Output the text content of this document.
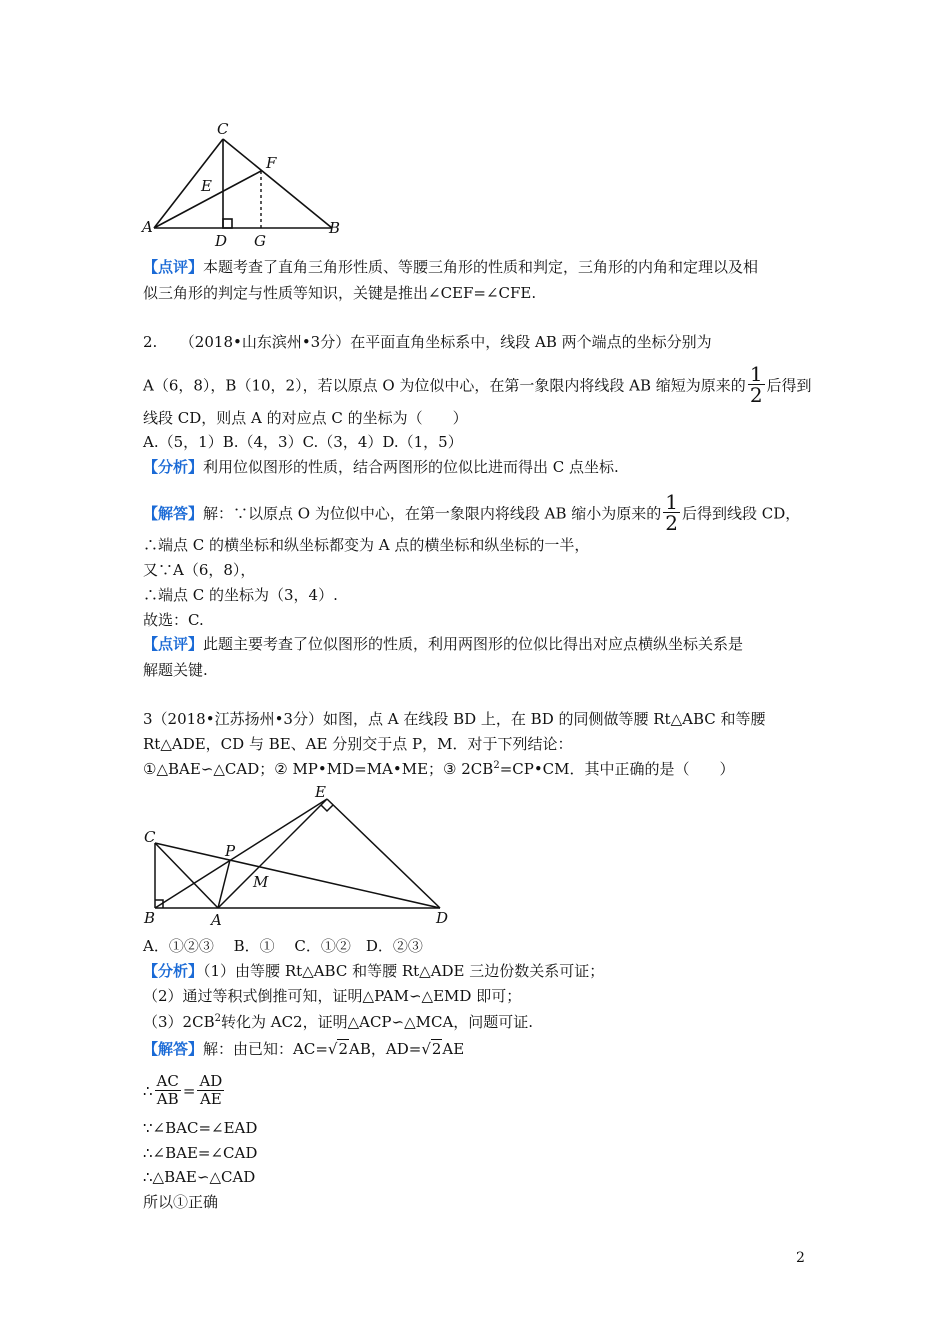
C
E
F
A
D G
B
【点评】本题考查了直角三角形性质、等腰三角形的性质和判定，三角形的内角和定理以及相
似三角形的判定与性质等知识，关键是推出∠CEF=∠CFE.
2.　　（2018•山东滨州•3分）在平面直角坐标系中，线段 AB 两个端点的坐标分别为
A（6，8），B（10，2），若以原点 O 为位似中心，在第一象限内将线段 AB 缩短为原来的 $\frac{1}{2}$ 后得到
线段 CD，则点 A 的对应点 C 的坐标为（　　）
A.（5，1）B.（4，3）C.（3，4）D.（1，5）
【分析】利用位似图形的性质，结合两图形的位似比进而得出 C 点坐标.
【解答】解：∵以原点 O 为位似中心，在第一象限内将线段 AB 缩小为原来的 $\frac{1}{2}$ 后得到线段 CD，
∴端点 C 的横坐标和纵坐标都变为 A 点的横坐标和纵坐标的一半，
又∵A（6，8），
∴端点 C 的坐标为（3，4）.
故选：C.
【点评】此题主要考查了位似图形的性质，利用两图形的位似比得出对应点横纵坐标关系是
解题关键.
3（2018•江苏扬州•3分）如图，点 A 在线段 BD 上，在 BD 的同侧做等腰 Rt△ABC 和等腰
Rt△ADE，CD 与 BE、AE 分别交于点 P，M．对于下列结论：
①△BAE∽△CAD；② MP•MD=MA•ME；③ $2CB^2=CP•CM$．其中正确的是（　　）
E
C
P
M
B	A	D
A．①②③　 B．①　 C．①②　D．②③
【分析】（1）由等腰 Rt△ABC 和等腰 Rt△ADE 三边份数关系可证；
（2）通过等积式倒推可知，证明△PAM∽△EMD 即可；
$(3)2CB^2$转化为 AC2，证明△ACP∽△MCA，问题可证.
【解答】解：由已知：AC=√2AB，AD=√2AE
∴ $\frac{AC}{AB} = \frac{AD}{AE}$
∵∠BAC=∠EAD
∴∠BAE=∠CAD
∴△BAE∽△CAD
所以①正确
2
